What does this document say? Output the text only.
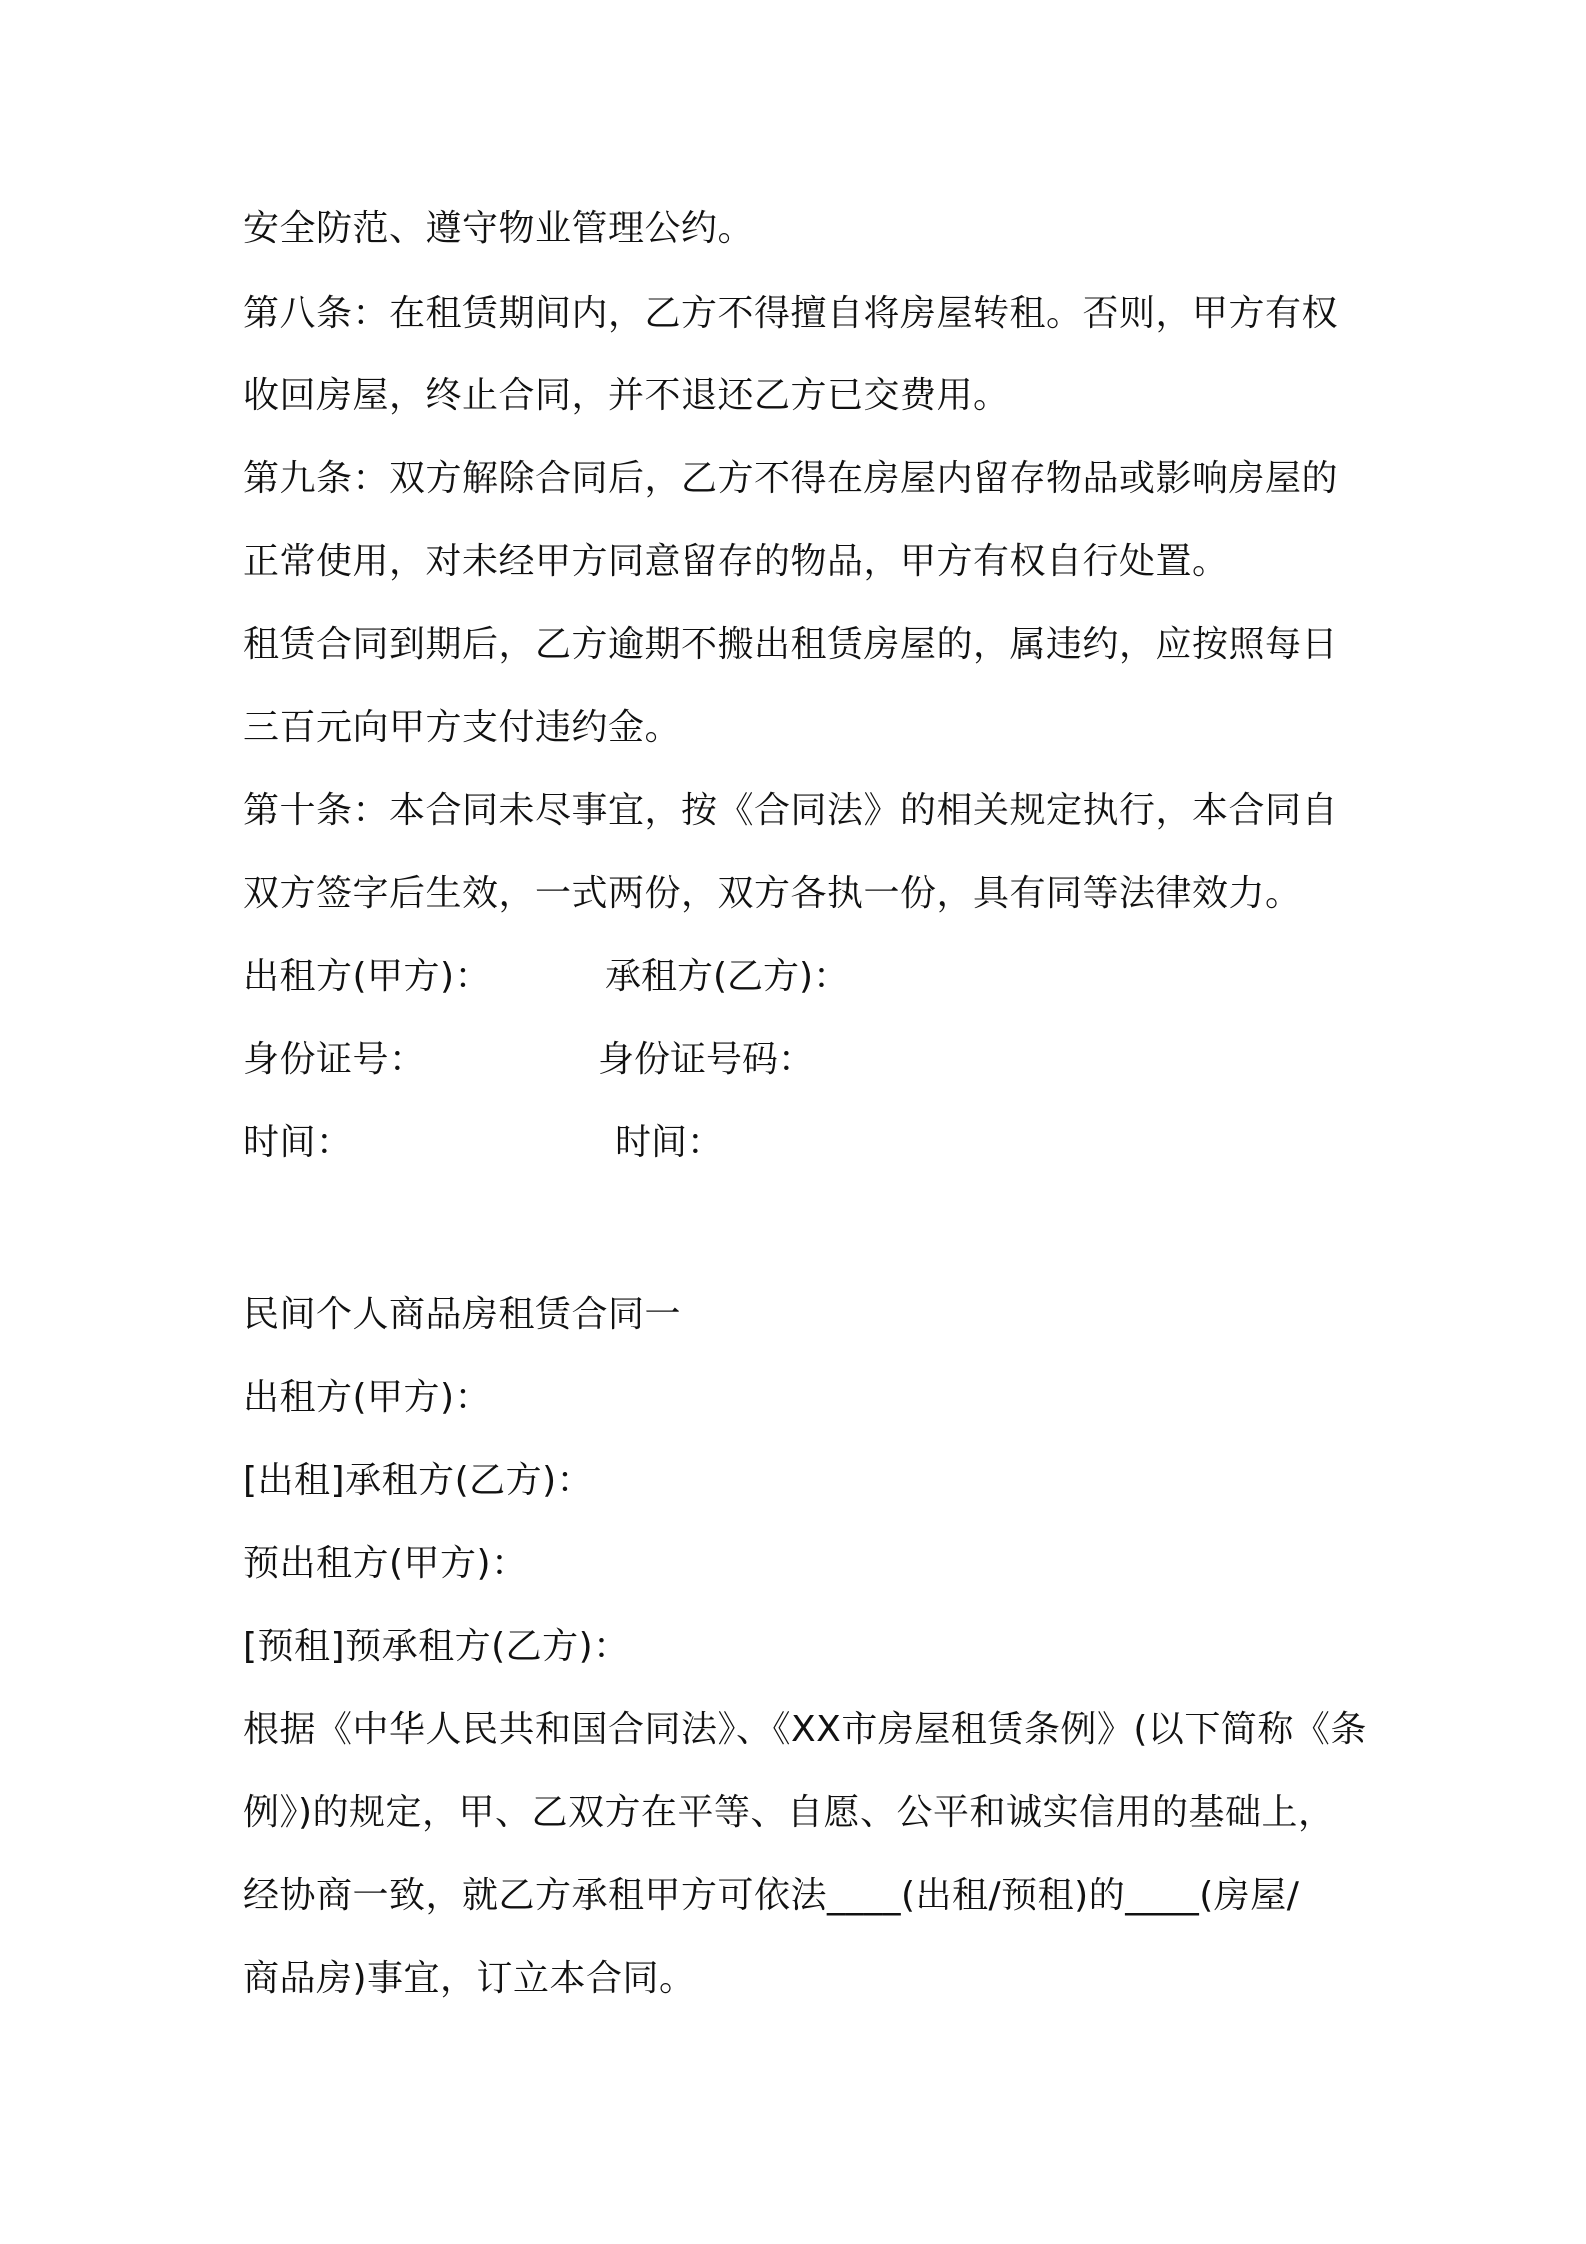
安全防范、遵守物业管理公约。
第八条：在租赁期间内，乙方不得擅自将房屋转租。否则，甲方有权
收回房屋，终止合同，并不退还乙方已交费用。
第九条：双方解除合同后，乙方不得在房屋内留存物品或影响房屋的
正常使用，对未经甲方同意留存的物品，甲方有权自行处置。
租赁合同到期后，乙方逾期不搬出租赁房屋的，属违约，应按照每日
三百元向甲方支付违约金。
第十条：本合同未尽事宜，按《合同法》的相关规定执行，本合同自
双方签字后生效，一式两份，双方各执一份，具有同等法律效力。
出租方(甲方)：	承租方(乙方)：
身份证号：	身份证号码：
时间：	时间：
民间个人商品房租赁合同一
出租方(甲方)：
[出租]承租方(乙方)：
预出租方(甲方)：
[预租]预承租方(乙方)：
根据《中华人民共和国合同法》、《XX市房屋租赁条例》(以下简称《条
例》)的规定，甲、乙双方在平等、自愿、公平和诚实信用的基础上，
经协商一致，就乙方承租甲方可依法____(出租/预租)的____(房屋/
商品房)事宜，订立本合同。
